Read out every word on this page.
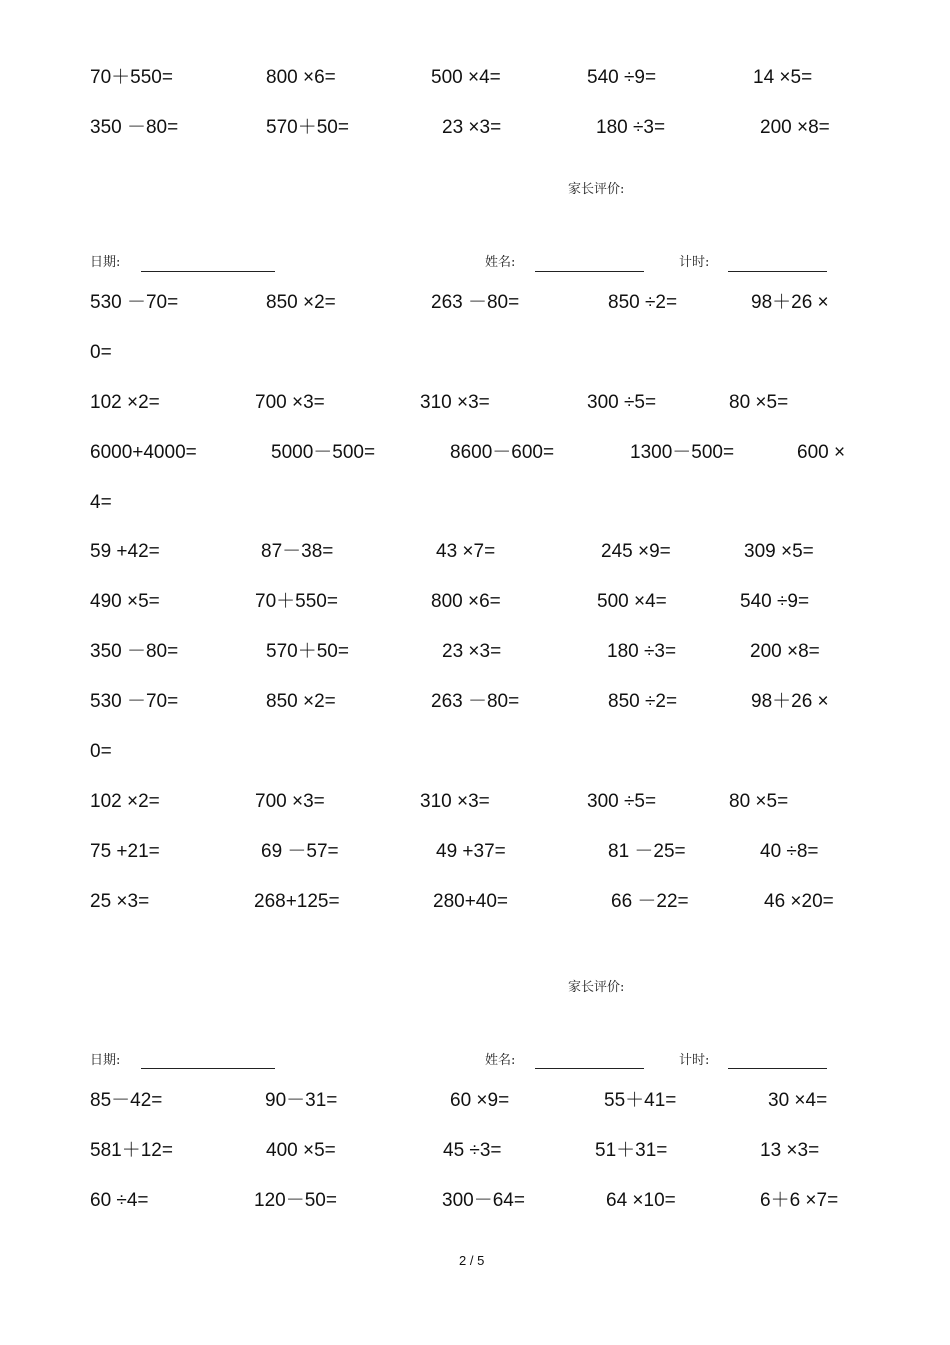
70＋550=	800 ×6=	500 ×4=	540 ÷9=	14 ×5=
350 －80=	570＋50=	23 ×3=	180 ÷3=	200 ×8=
530 －70=	850 ×2=	263 －80=	850 ÷2=	98＋26 ×
0=
102 ×2=	700 ×3=	310 ×3=	300 ÷5=	80 ×5=
6000+4000=	5000－500=	8600－600=	1300－500=	600 ×
4=
59 +42=	87－38=	43 ×7=	245 ×9=	309 ×5=
490 ×5=	70＋550=	800 ×6=	500 ×4=	540 ÷9=
350 －80=	570＋50=	23 ×3=	180 ÷3=	200 ×8=
530 －70=	850 ×2=	263 －80=	850 ÷2=	98＋26 ×
0=
102 ×2=	700 ×3=	310 ×3=	300 ÷5=	80 ×5=
75 +21=	69 －57=	49 +37=	81 －25=	40 ÷8=
25 ×3=	268+125=	280+40=	66 －22=	46 ×20=
85－42=	90－31=	60 ×9=	55＋41=	30 ×4=
581＋12=	400 ×5=	45 ÷3=	51＋31=	13 ×3=
60 ÷4=	120－50=	300－64=	64 ×10=	6＋6 ×7=
家长评价:
日期:	姓名:	计时:
家长评价:
日期:	姓名:	计时:
2 / 5
